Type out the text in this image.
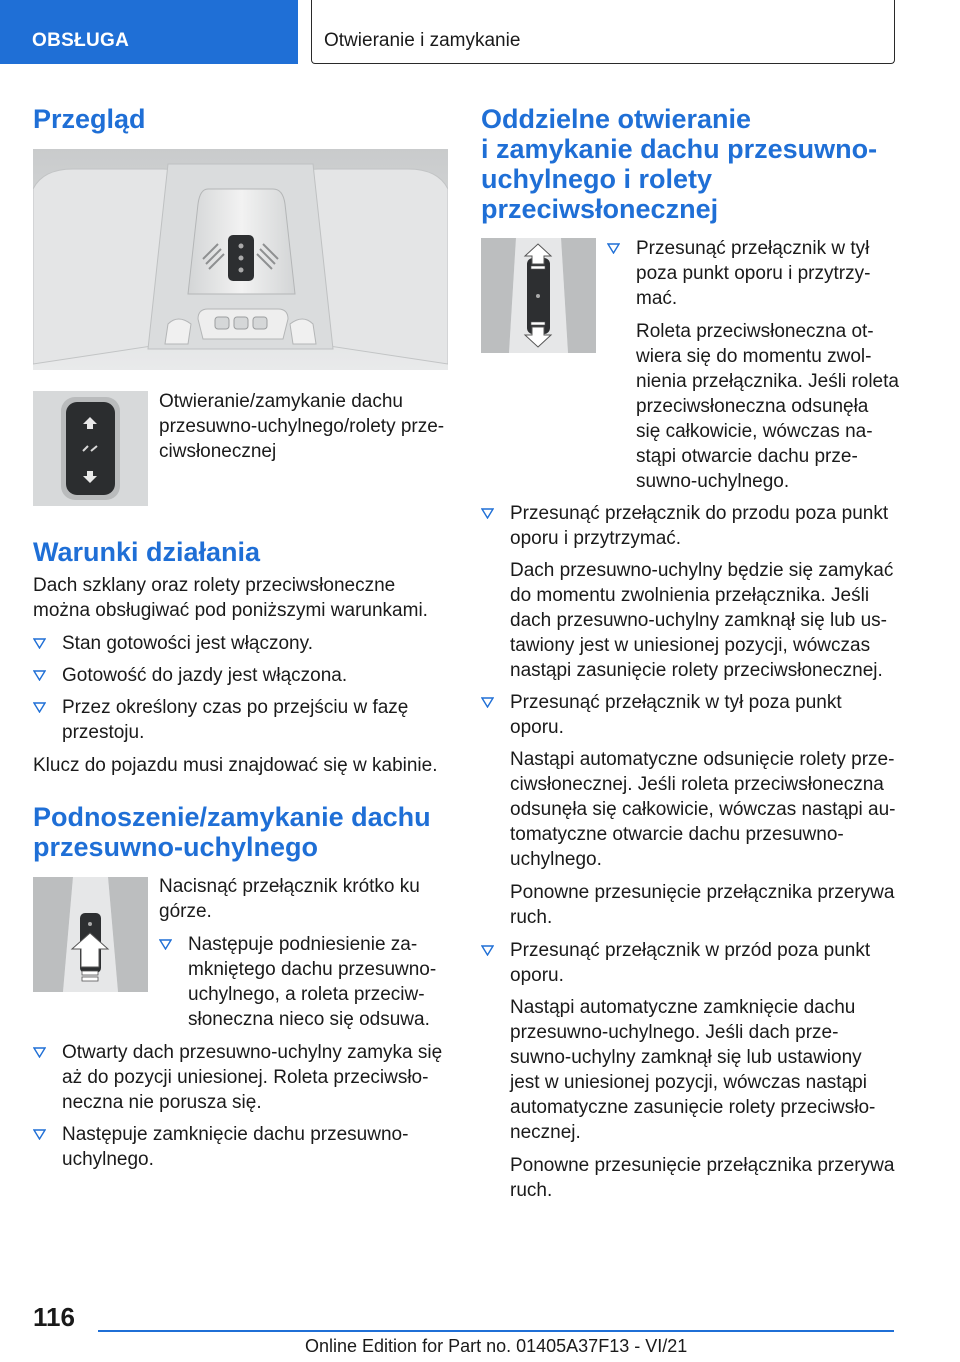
OBSŁUGA	Otwieranie i zamykanie
Przegląd
Otwieranie/zamykanie dachu
przesuwno-uchylnego/rolety prze-
ciwsłonecznej
Warunki działania
Dach szklany oraz rolety przeciwsłoneczne
można obsługiwać pod poniższymi warunkami.
Stan gotowości jest włączony.
Gotowość do jazdy jest włączona.
Przez określony czas po przejściu w fazę
przestoju.
Klucz do pojazdu musi znajdować się w kabinie.
Podnoszenie/zamykanie dachu
przesuwno-uchylnego
Nacisnąć przełącznik krótko ku
górze.
Następuje podniesienie za-
mkniętego dachu przesuwno-
uchylnego, a roleta przeciw-
słoneczna nieco się odsuwa.
Otwarty dach przesuwno-uchylny zamyka się
aż do pozycji uniesionej. Roleta przeciwsło-
neczna nie porusza się.
Następuje zamknięcie dachu przesuwno-
uchylnego.
Oddzielne otwieranie
i zamykanie dachu przesuwno-
uchylnego i rolety
przeciwsłonecznej
Przesunąć przełącznik w tył
poza punkt oporu i przytrzy-
mać.
Roleta przeciwsłoneczna ot-
wiera się do momentu zwol-
nienia przełącznika. Jeśli roleta
przeciwsłoneczna odsunęła
się całkowicie, wówczas na-
stąpi otwarcie dachu prze-
suwno-uchylnego.
Przesunąć przełącznik do przodu poza punkt
oporu i przytrzymać.
Dach przesuwno-uchylny będzie się zamykać
do momentu zwolnienia przełącznika. Jeśli
dach przesuwno-uchylny zamknął się lub us-
tawiony jest w uniesionej pozycji, wówczas
nastąpi zasunięcie rolety przeciwsłonecznej.
Przesunąć przełącznik w tył poza punkt
oporu.
Nastąpi automatyczne odsunięcie rolety prze-
ciwsłonecznej. Jeśli roleta przeciwsłoneczna
odsunęła się całkowicie, wówczas nastąpi au-
tomatyczne otwarcie dachu przesuwno-
uchylnego.
Ponowne przesunięcie przełącznika przerywa
ruch.
Przesunąć przełącznik w przód poza punkt
oporu.
Nastąpi automatyczne zamknięcie dachu
przesuwno-uchylnego. Jeśli dach prze-
suwno-uchylny zamknął się lub ustawiony
jest w uniesionej pozycji, wówczas nastąpi
automatyczne zasunięcie rolety przeciwsło-
necznej.
Ponowne przesunięcie przełącznika przerywa
ruch.
116
Online Edition for Part no. 01405A37F13 - VI/21
